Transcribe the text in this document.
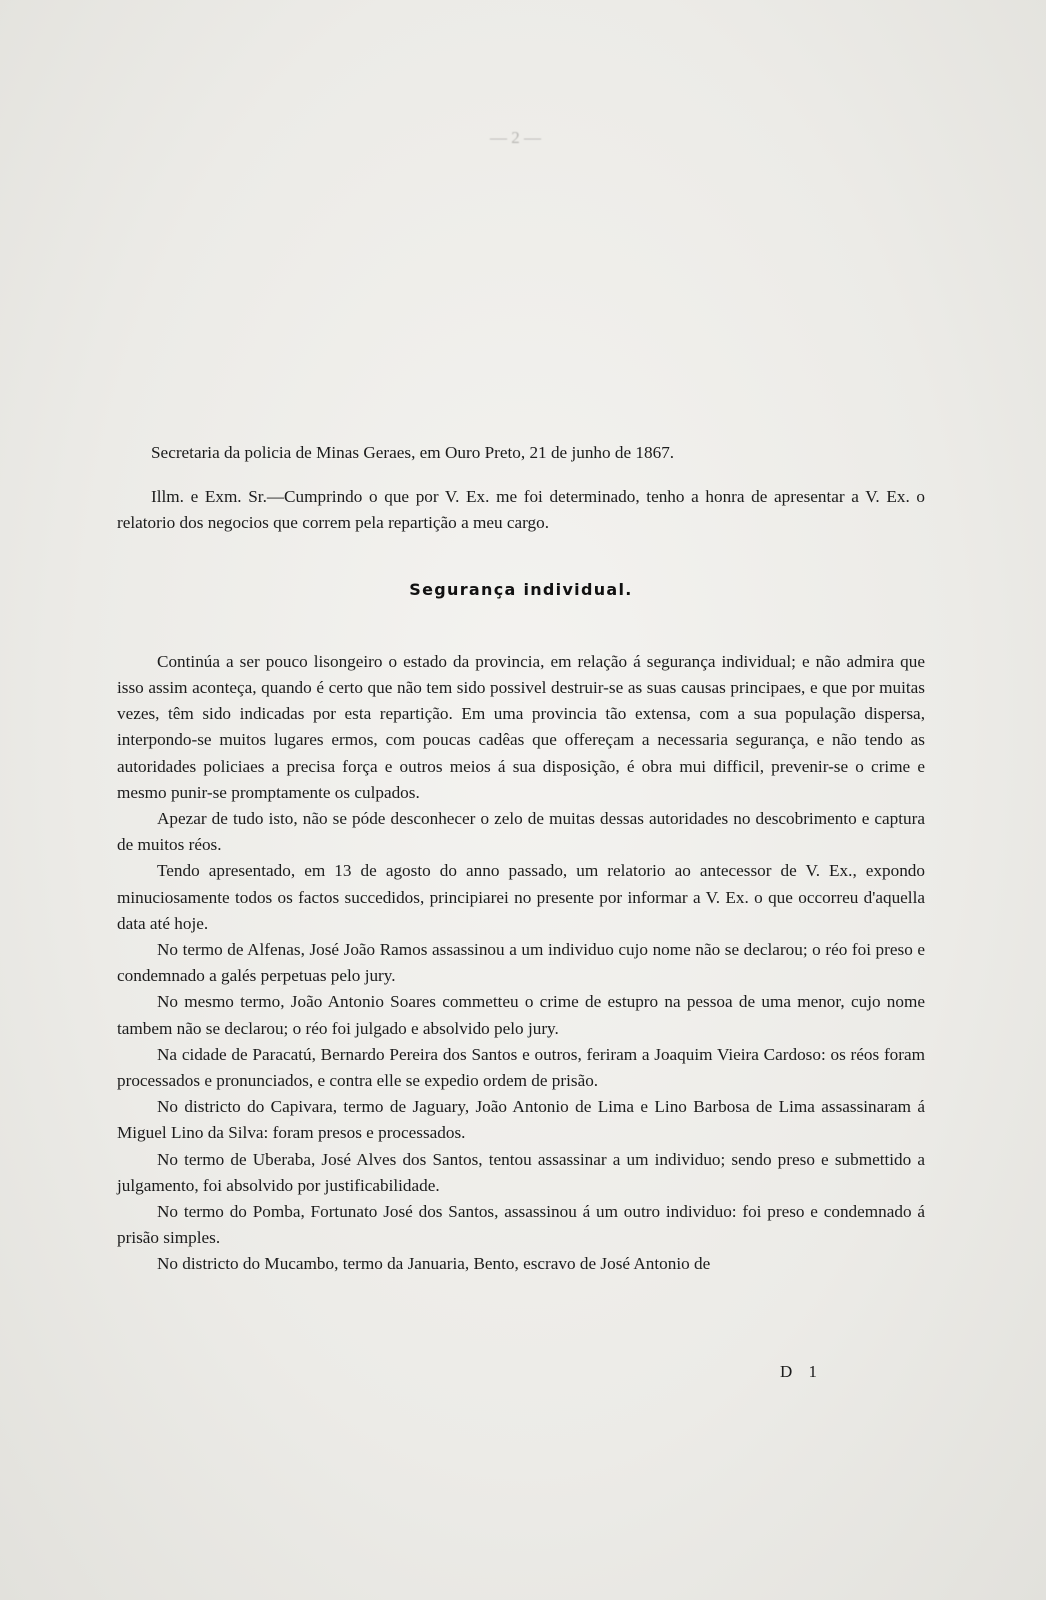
— 2 —

Secretaria da policia de Minas Geraes, em Ouro Preto, 21 de junho de 1867.

Illm. e Exm. Sr.—Cumprindo o que por V. Ex. me foi determinado, tenho a honra de apresentar a V. Ex. o relatorio dos negocios que correm pela repartição a meu cargo.

Segurança individual.

Continúa a ser pouco lisongeiro o estado da provincia, em relação á segurança individual; e não admira que isso assim aconteça, quando é certo que não tem sido possivel destruir-se as suas causas principaes, e que por muitas vezes, têm sido indicadas por esta repartição. Em uma provincia tão extensa, com a sua população dispersa, interpondo-se muitos lugares ermos, com poucas cadêas que offereçam a necessaria segurança, e não tendo as autoridades policiaes a precisa força e outros meios á sua disposição, é obra mui difficil, prevenir-se o crime e mesmo punir-se promptamente os culpados.

Apezar de tudo isto, não se póde desconhecer o zelo de muitas dessas autoridades no descobrimento e captura de muitos réos.

Tendo apresentado, em 13 de agosto do anno passado, um relatorio ao antecessor de V. Ex., expondo minuciosamente todos os factos succedidos, principiarei no presente por informar a V. Ex. o que occorreu d'aquella data até hoje.

No termo de Alfenas, José João Ramos assassinou a um individuo cujo nome não se declarou; o réo foi preso e condemnado a galés perpetuas pelo jury.

No mesmo termo, João Antonio Soares commetteu o crime de estupro na pessoa de uma menor, cujo nome tambem não se declarou; o réo foi julgado e absolvido pelo jury.

Na cidade de Paracatú, Bernardo Pereira dos Santos e outros, feriram a Joaquim Vieira Cardoso: os réos foram processados e pronunciados, e contra elle se expedio ordem de prisão.

No districto do Capivara, termo de Jaguary, João Antonio de Lima e Lino Barbosa de Lima assassinaram á Miguel Lino da Silva: foram presos e processados.

No termo de Uberaba, José Alves dos Santos, tentou assassinar a um individuo; sendo preso e submettido a julgamento, foi absolvido por justificabilidade.

No termo do Pomba, Fortunato José dos Santos, assassinou á um outro individuo: foi preso e condemnado á prisão simples.

No districto do Mucambo, termo da Januaria, Bento, escravo de José Antonio de

D 1
